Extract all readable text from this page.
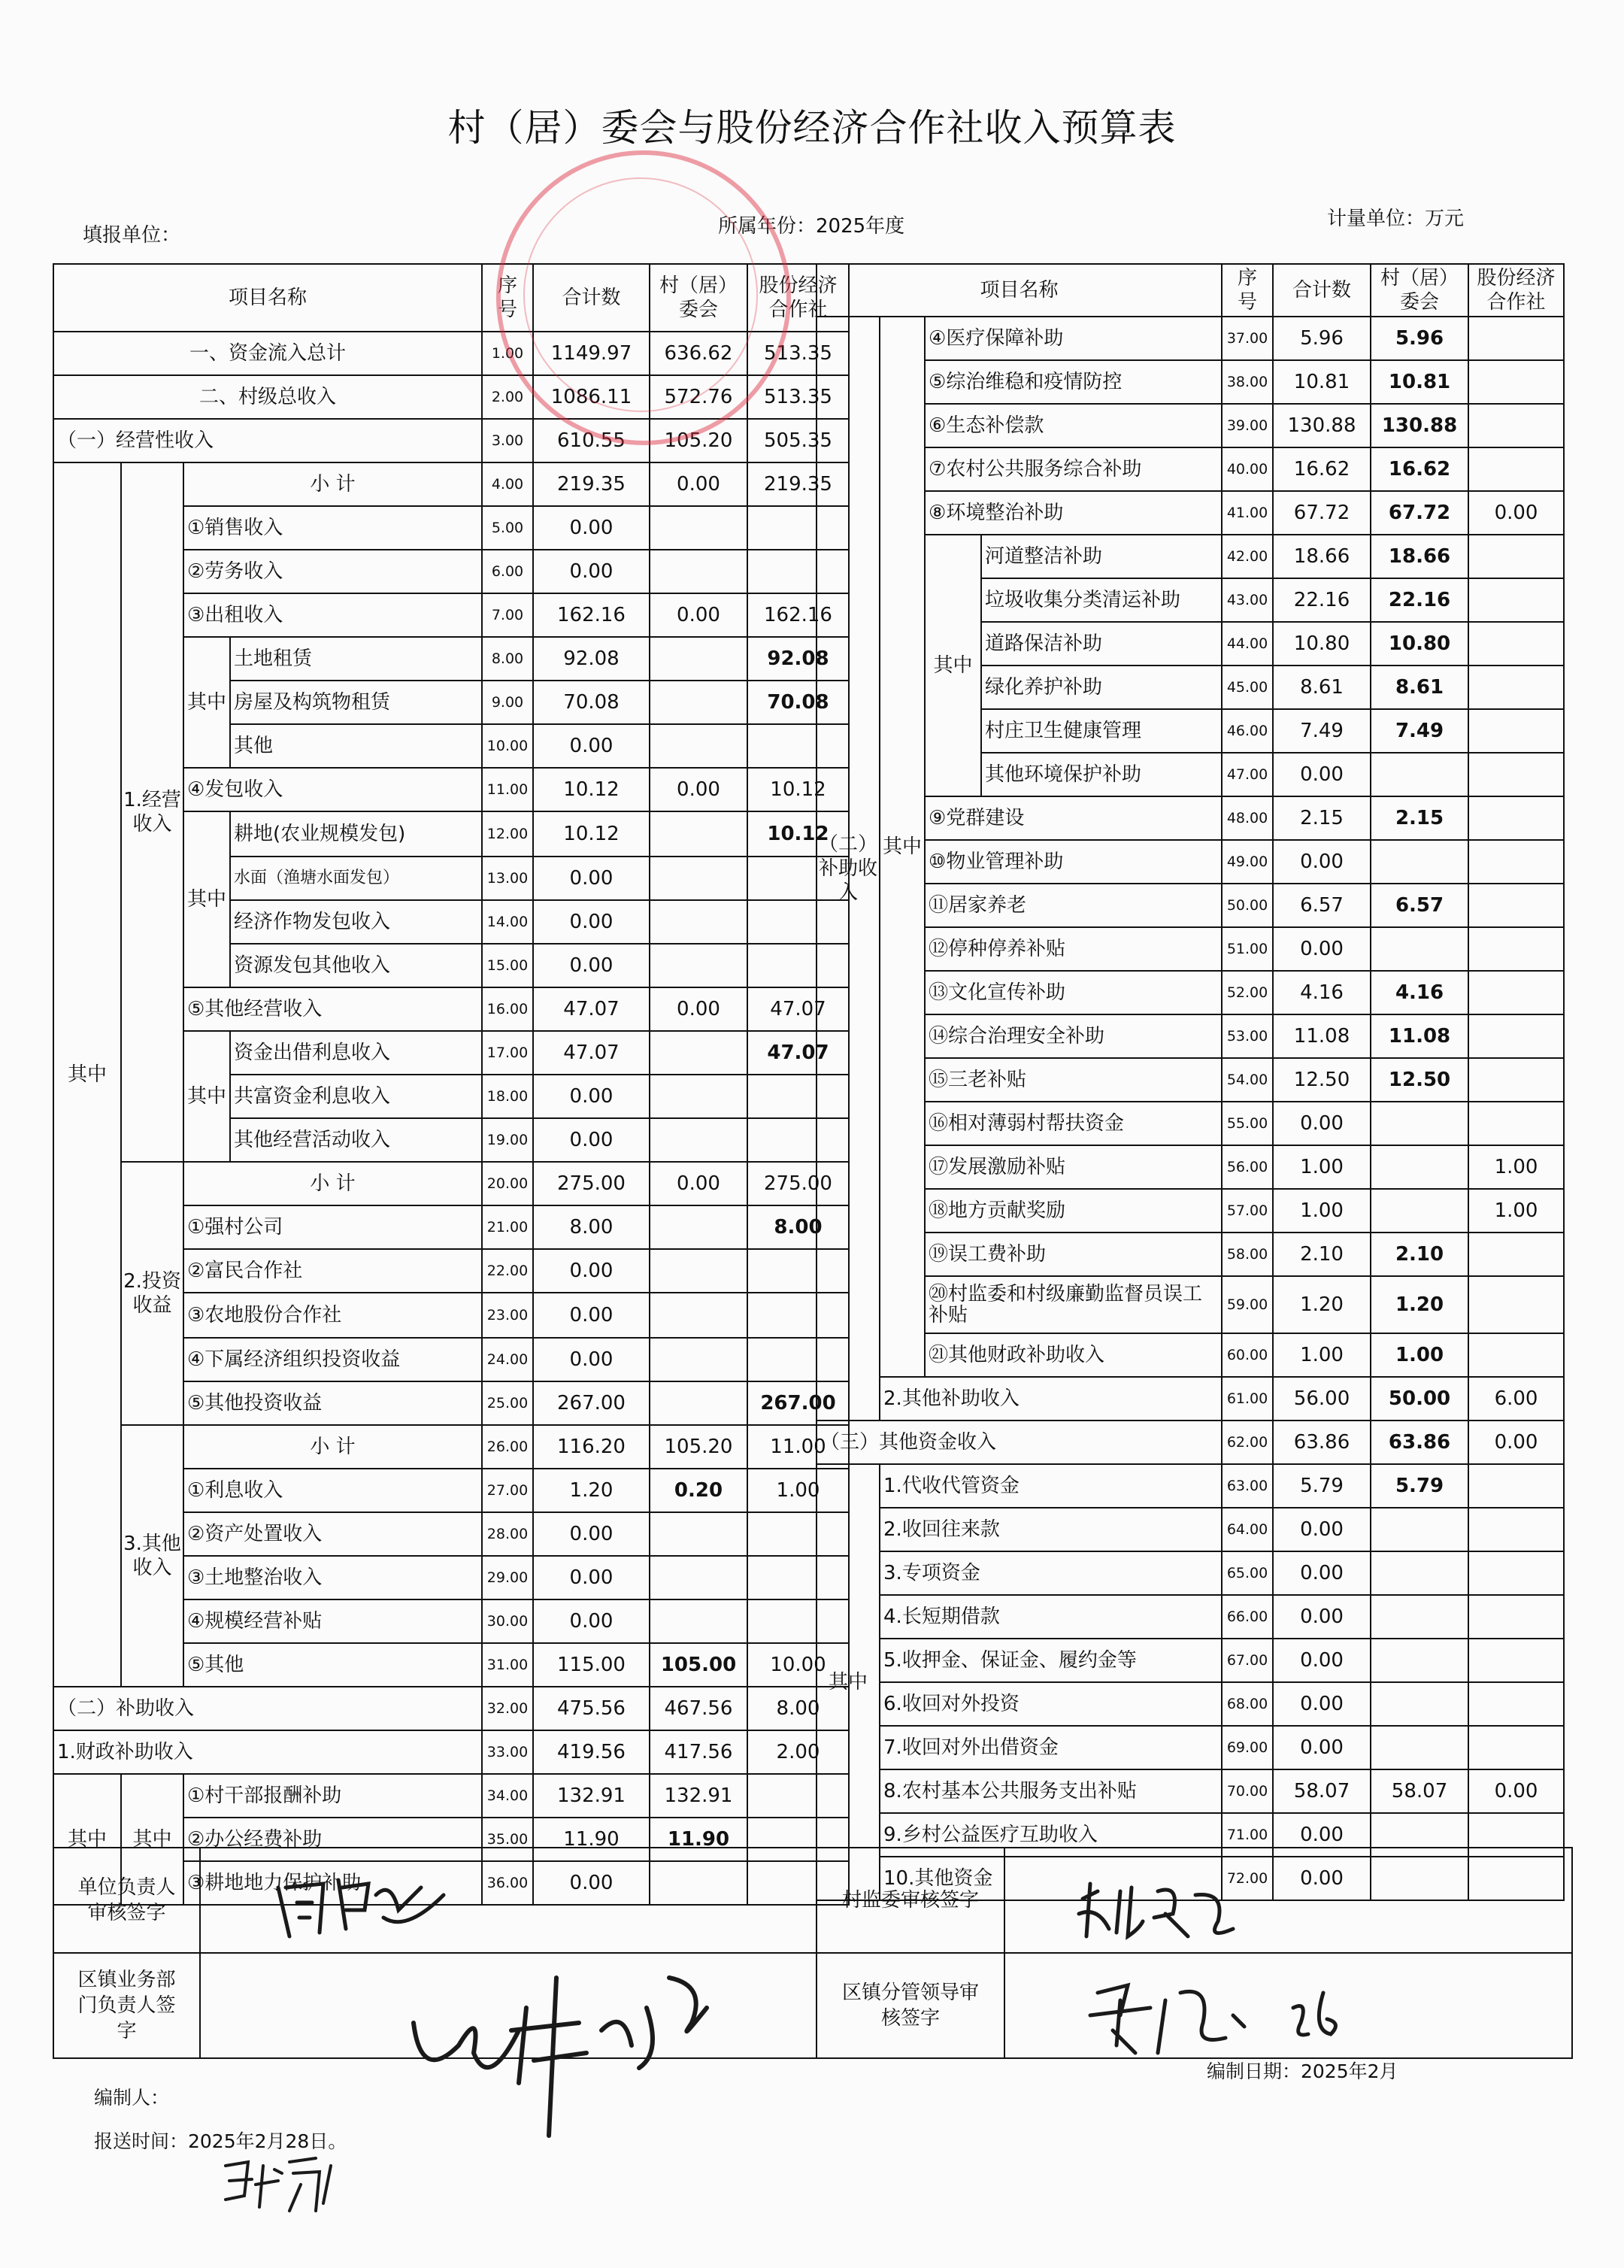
村（居）委会与股份经济合作社收入预算表
填报单位：	所属年份：2025年度	计量单位：万元
项目名称				序号	合计数	村（居）委会	股份经济合作社
一、资金流入总计				1.00	1149.97	636.62	513.35
二、村级总收入				2.00	1086.11	572.76	513.35
（一）经营性收入				3.00	610.55	105.20	505.35
其中	1.经营收入	小 计		4.00	219.35	0.00	219.35
		①销售收入		5.00	0.00		
		②劳务收入		6.00	0.00		
		③出租收入		7.00	162.16	0.00	162.16
		其中	土地租赁	8.00	92.08		92.08
			房屋及构筑物租赁	9.00	70.08		70.08
			其他	10.00	0.00		
		④发包收入		11.00	10.12	0.00	10.12
		其中	耕地(农业规模发包)	12.00	10.12		10.12
			水面（渔塘水面发包）	13.00	0.00		
			经济作物发包收入	14.00	0.00		
			资源发包其他收入	15.00	0.00		
		⑤其他经营收入		16.00	47.07	0.00	47.07
		其中	资金出借利息收入	17.00	47.07		47.07
			共富资金利息收入	18.00	0.00		
			其他经营活动收入	19.00	0.00		
	2.投资收益	小 计		20.00	275.00	0.00	275.00
		①强村公司		21.00	8.00		8.00
		②富民合作社		22.00	0.00		
		③农地股份合作社		23.00	0.00		
		④下属经济组织投资收益		24.00	0.00		
		⑤其他投资收益		25.00	267.00		267.00
	3.其他收入	小 计		26.00	116.20	105.20	11.00
		①利息收入		27.00	1.20	0.20	1.00
		②资产处置收入		28.00	0.00		
		③土地整治收入		29.00	0.00		
		④规模经营补贴		30.00	0.00		
		⑤其他		31.00	115.00	105.00	10.00
（二）补助收入				32.00	475.56	467.56	8.00
1.财政补助收入				33.00	419.56	417.56	2.00
其中	其中	①村干部报酬补助		34.00	132.91	132.91	
		②办公经费补助		35.00	11.90	11.90	
		③耕地地力保护补助		36.00	0.00		
项目名称				序号	合计数	村（居）委会	股份经济合作社
（二）补助收入	其中	④医疗保障补助		37.00	5.96	5.96	
		⑤综治维稳和疫情防控		38.00	10.81	10.81	
		⑥生态补偿款		39.00	130.88	130.88	
		⑦农村公共服务综合补助		40.00	16.62	16.62	
		⑧环境整治补助		41.00	67.72	67.72	0.00
		其中	河道整洁补助	42.00	18.66	18.66	
			垃圾收集分类清运补助	43.00	22.16	22.16	
			道路保洁补助	44.00	10.80	10.80	
			绿化养护补助	45.00	8.61	8.61	
			村庄卫生健康管理	46.00	7.49	7.49	
			其他环境保护补助	47.00	0.00		
		⑨党群建设		48.00	2.15	2.15	
		⑩物业管理补助		49.00	0.00		
		⑪居家养老		50.00	6.57	6.57	
		⑫停种停养补贴		51.00	0.00		
		⑬文化宣传补助		52.00	4.16	4.16	
		⑭综合治理安全补助		53.00	11.08	11.08	
		⑮三老补贴		54.00	12.50	12.50	
		⑯相对薄弱村帮扶资金		55.00	0.00		
		⑰发展激励补贴		56.00	1.00		1.00
		⑱地方贡献奖励		57.00	1.00		1.00
		⑲误工费补助		58.00	2.10	2.10	
		⑳村监委和村级廉勤监督员误工补贴		59.00	1.20	1.20	
		㉑其他财政补助收入		60.00	1.00	1.00	
	2.其他补助收入			61.00	56.00	50.00	6.00
（三）其他资金收入				62.00	63.86	63.86	0.00
其中	1.代收代管资金			63.00	5.79	5.79	
	2.收回往来款			64.00	0.00		
	3.专项资金			65.00	0.00		
	4.长短期借款			66.00	0.00		
	5.收押金、保证金、履约金等			67.00	0.00		
	6.收回对外投资			68.00	0.00		
	7.收回对外出借资金			69.00	0.00		
	8.农村基本公共服务支出补贴			70.00	58.07	58.07	0.00
	9.乡村公益医疗互助收入			71.00	0.00		
	10.其他资金			72.00	0.00		
单位负责人审核签字		村监委审核签字	
区镇业务部门负责人签字		区镇分管领导审核签字	
编制人：
编制日期：2025年2月
报送时间：2025年2月28日。
